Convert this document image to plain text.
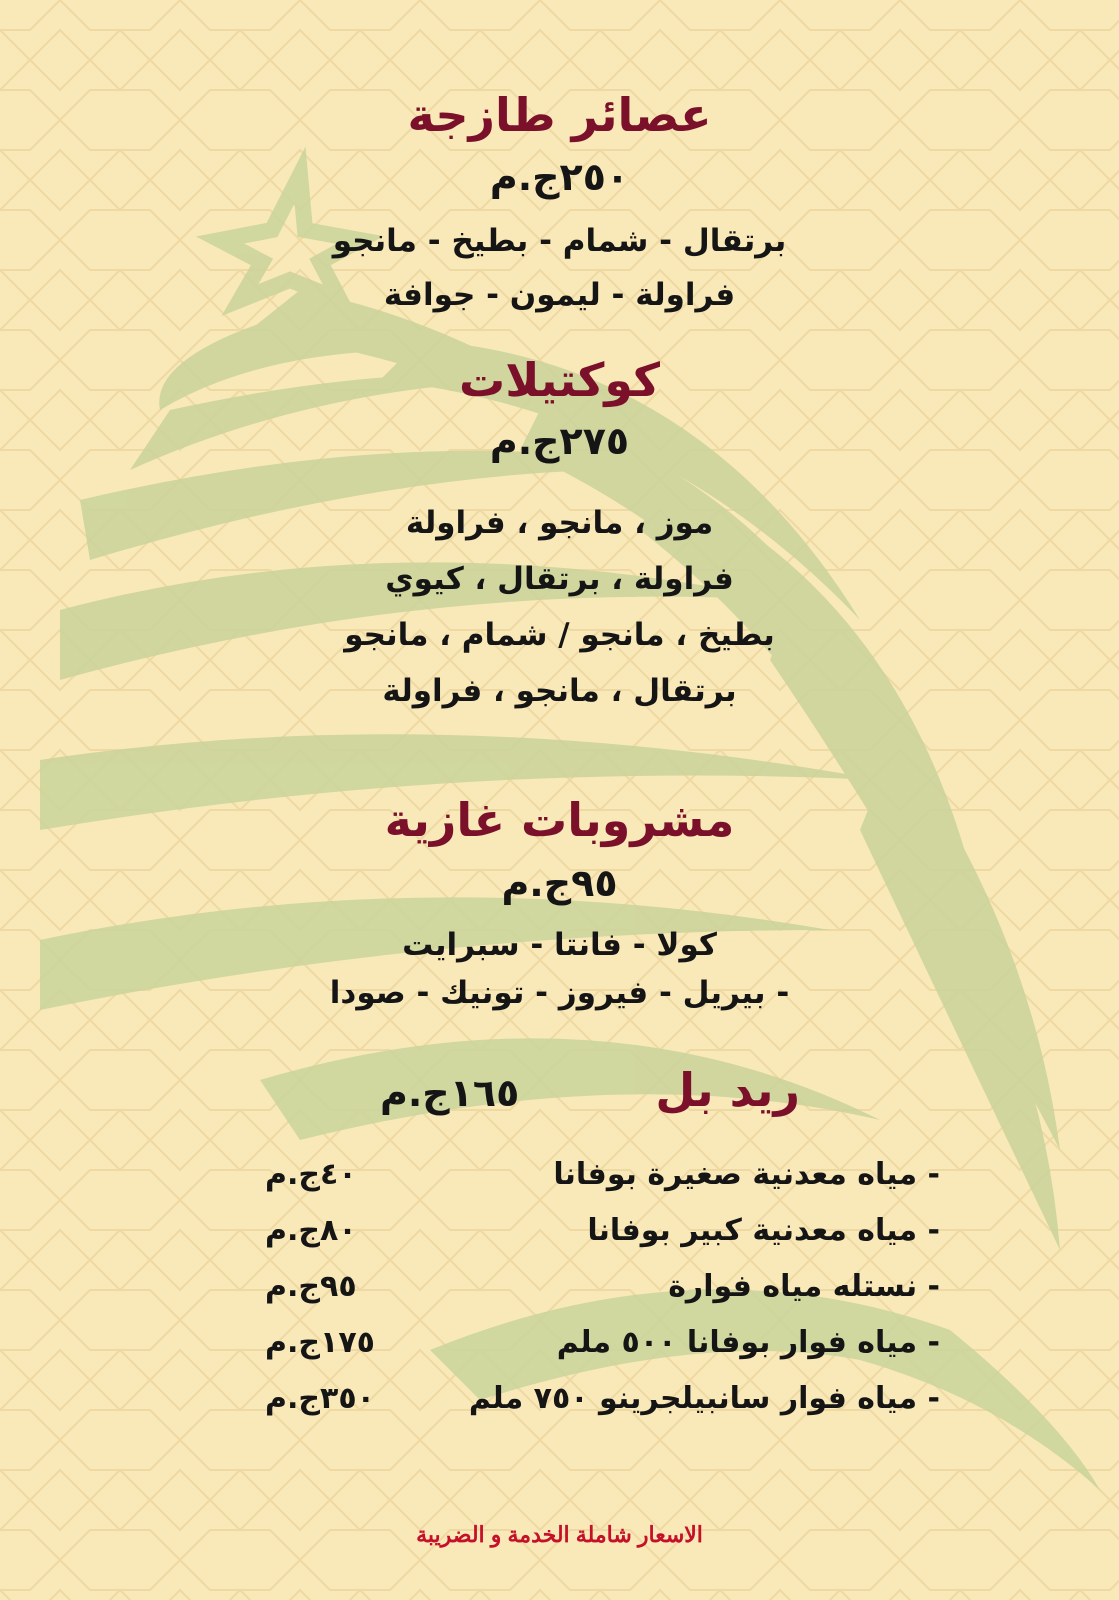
عصائر طازجة
٢٥٠ج.م
برتقال - شمام - بطيخ - مانجو
فراولة - ليمون - جوافة
كوكتيلات
٢٧٥ج.م
موز ، مانجو ، فراولة
فراولة ، برتقال ، كيوي
بطيخ ، مانجو / شمام ، مانجو
برتقال ، مانجو ، فراولة
مشروبات غازية
٩٥ج.م
كولا - فانتا - سبرايت
- بيريل - فيروز - تونيك - صودا
ريد بل
١٦٥ج.م
- مياه معدنية صغيرة بوفانا
٤٠ج.م
- مياه معدنية كبير بوفانا
٨٠ج.م
- نستله مياه فوارة
٩٥ج.م
- مياه فوار بوفانا ٥٠٠ ملم
١٧٥ج.م
- مياه فوار سانبيلجرينو ٧٥٠ ملم
٣٥٠ج.م
الاسعار شاملة الخدمة و الضريبة
